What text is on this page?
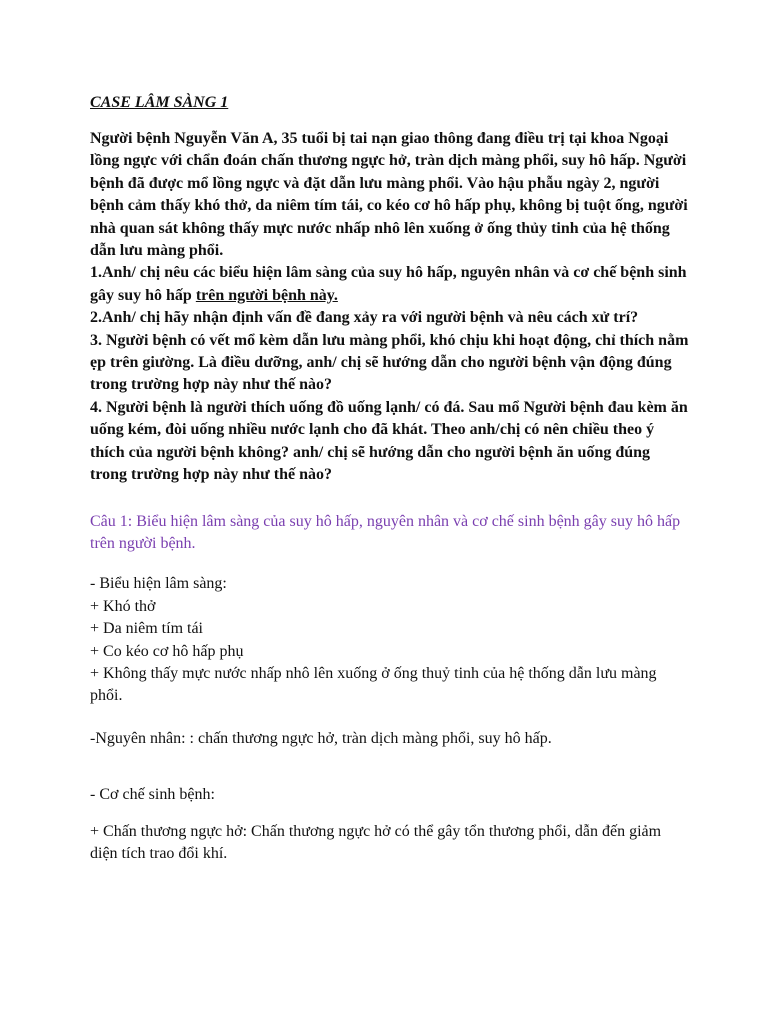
CASE LÂM SÀNG 1

Người bệnh Nguyễn Văn A, 35 tuổi bị tai nạn giao thông đang điều trị tại khoa Ngoại lồng ngực với chẩn đoán chấn thương ngực hở, tràn dịch màng phổi, suy hô hấp. Người bệnh đã được mổ lồng ngực và đặt dẫn lưu màng phổi. Vào hậu phẫu ngày 2, người bệnh cảm thấy khó thở, da niêm tím tái, co kéo cơ hô hấp phụ, không bị tuột ống, người nhà quan sát không thấy mực nước nhấp nhô lên xuống ở ống thủy tinh của hệ thống dẫn lưu màng phổi.

1.Anh/ chị nêu các biểu hiện lâm sàng của suy hô hấp, nguyên nhân và cơ chế bệnh sinh gây suy hô hấp trên người bệnh này.

2.Anh/ chị hãy nhận định vấn đề đang xảy ra với người bệnh và nêu cách xử trí?

3. Người bệnh có vết mổ kèm dẫn lưu màng phổi, khó chịu khi hoạt động, chỉ thích nằm ẹp trên giường. Là điều dưỡng, anh/ chị sẽ hướng dẫn cho người bệnh vận động đúng trong trường hợp này như thế nào?

4. Người bệnh là người thích uống đồ uống lạnh/ có đá. Sau mổ Người bệnh đau kèm ăn uống kém, đòi uống nhiều nước lạnh cho đã khát. Theo anh/chị có nên chiều theo ý thích của người bệnh không? anh/ chị sẽ hướng dẫn cho người bệnh ăn uống đúng trong trường hợp này như thế nào?

Câu 1: Biểu hiện lâm sàng của suy hô hấp, nguyên nhân và cơ chế sinh bệnh gây suy hô hấp trên người bệnh.

- Biểu hiện lâm sàng:
+ Khó thở
+ Da niêm tím tái
+ Co kéo cơ hô hấp phụ
+ Không thấy mực nước nhấp nhô lên xuống ở ống thuỷ tinh của hệ thống dẫn lưu màng phổi.
-Nguyên nhân: : chấn thương ngực hở, tràn dịch màng phổi, suy hô hấp.
- Cơ chế sinh bệnh:
+ Chấn thương ngực hở: Chấn thương ngực hở có thể gây tổn thương phổi, dẫn đến giảm diện tích trao đổi khí.
